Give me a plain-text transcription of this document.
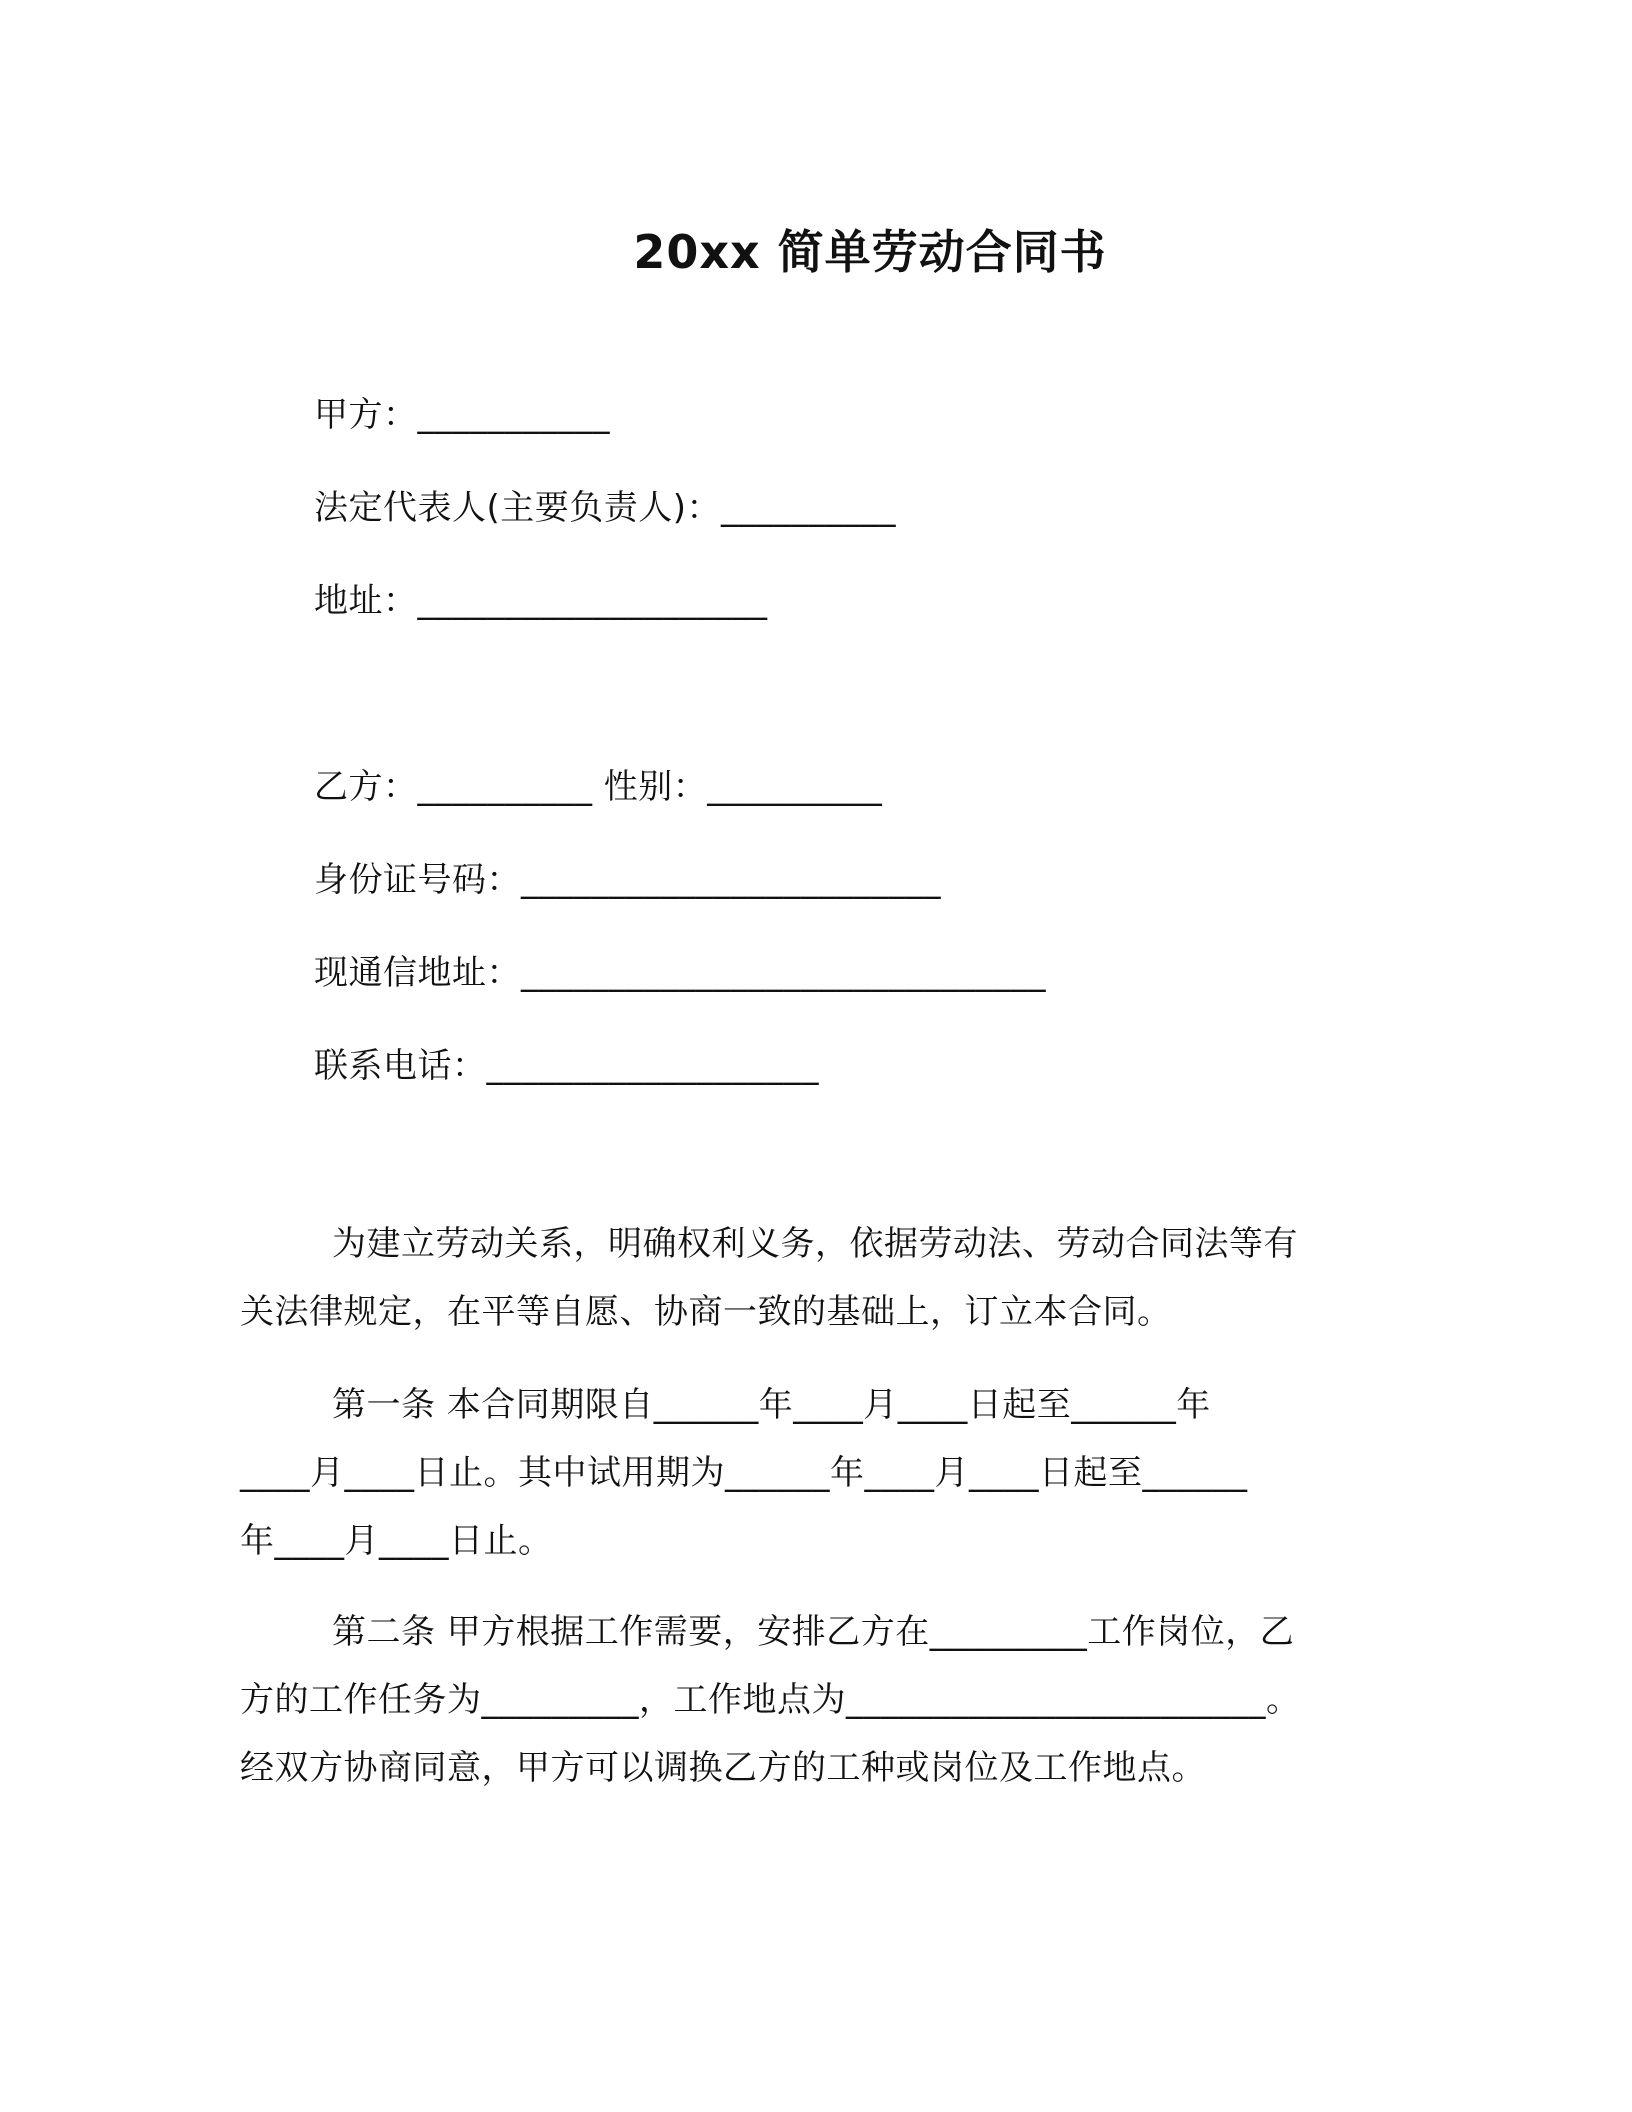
20xx 简单劳动合同书
甲方：___________
法定代表人(主要负责人)：__________
地址：____________________
乙方：__________ 性别：__________
身份证号码：________________________
现通信地址：______________________________
联系电话：___________________
为建立劳动关系，明确权利义务，依据劳动法、劳动合同法等有
关法律规定，在平等自愿、协商一致的基础上，订立本合同。
第一条 本合同期限自______年____月____日起至______年
____月____日止。其中试用期为______年____月____日起至______
年____月____日止。
第二条 甲方根据工作需要，安排乙方在_________工作岗位，乙
方的工作任务为_________，工作地点为________________________。
经双方协商同意，甲方可以调换乙方的工种或岗位及工作地点。
